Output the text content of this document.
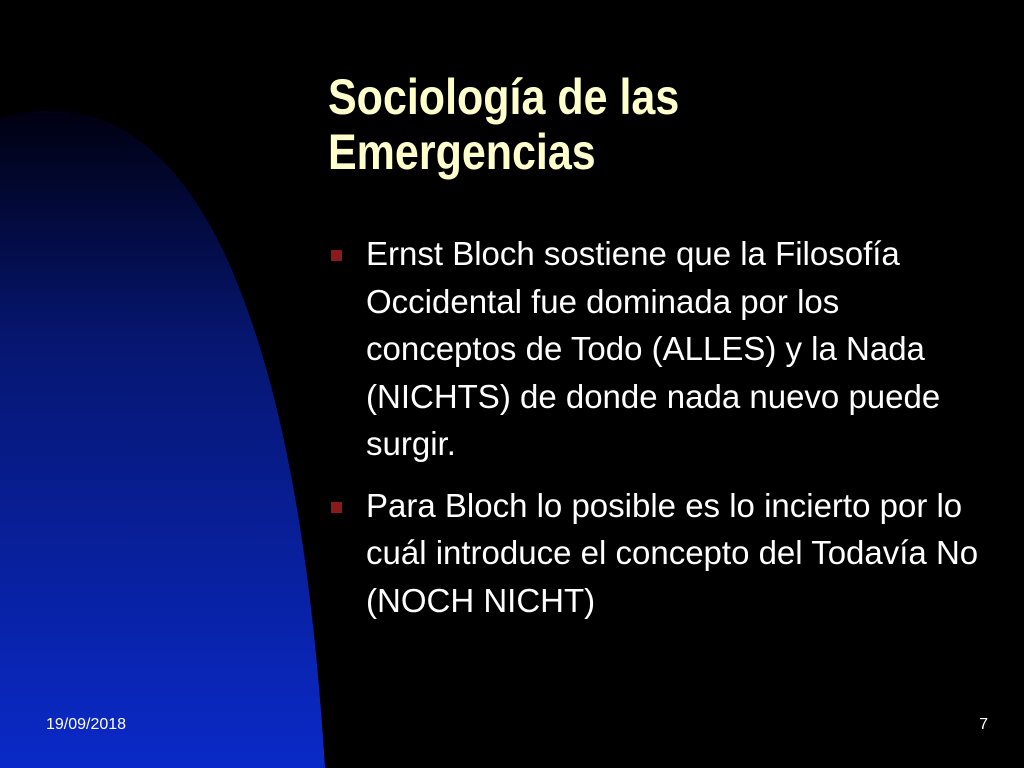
Sociología de las
Emergencias
Ernst Bloch sostiene que la Filosofía Occidental fue dominada por los conceptos de Todo (ALLES) y la Nada (NICHTS) de donde nada nuevo puede surgir.
Para Bloch lo posible es lo incierto por lo cuál introduce el concepto del Todavía No (NOCH NICHT)
19/09/2018	7
